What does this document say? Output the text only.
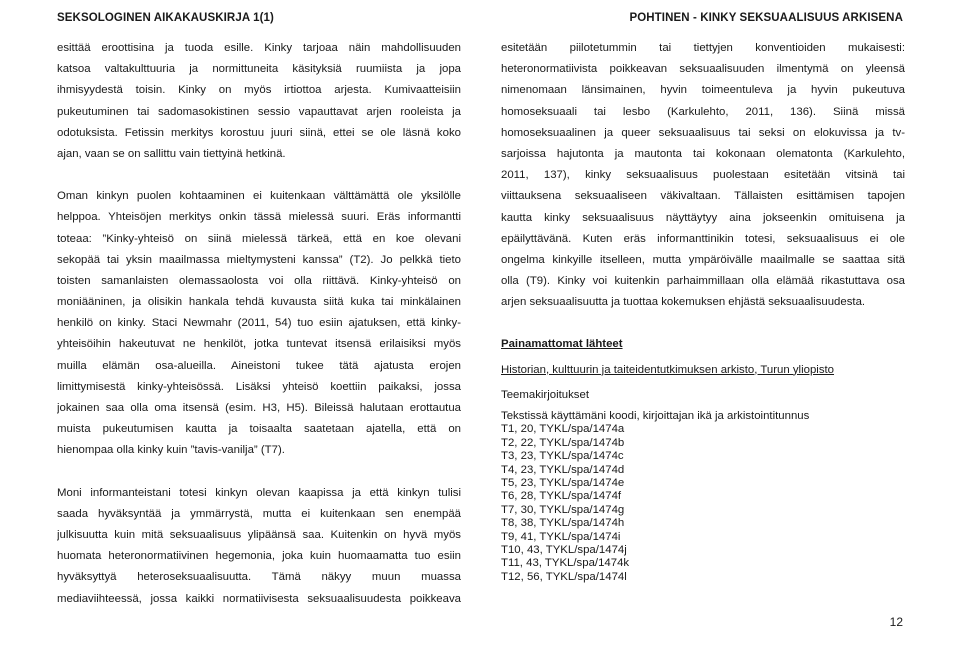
SEKSOLOGINEN AIKAKAUSKIRJA 1(1)	POHTINEN - KINKY SEKSUAALISUUS ARKISENA
esittää eroottisina ja tuoda esille. Kinky tarjoaa näin mahdollisuuden
katsoa valtakulttuuria ja normittuneita käsityksiä ruumiista ja jopa
ihmisyydestä toisin. Kinky on myös irtiottoa arjesta. Kumivaatteisiin
pukeutuminen tai sadomasokistinen sessio vapauttavat arjen rooleista ja
odotuksista. Fetissin merkitys korostuu juuri siinä, ettei se ole läsnä koko
ajan, vaan se on sallittu vain tiettyinä hetkinä.
Oman kinkyn puolen kohtaaminen ei kuitenkaan välttämättä ole yksilölle
helppoa. Yhteisöjen merkitys onkin tässä mielessä suuri. Eräs informantti
toteaa: ”Kinky-yhteisö on siinä mielessä tärkeä, että en koe olevani
sekopää tai yksin maailmassa mieltymysteni kanssa” (T2). Jo pelkkä tieto
toisten samanlaisten olemassaolosta voi olla riittävä. Kinky-yhteisö on
moniääninen, ja olisikin hankala tehdä kuvausta siitä kuka tai minkälainen
henkilö on kinky. Staci Newmahr (2011, 54) tuo esiin ajatuksen, että kinky-
yhteisöihin hakeutuvat ne henkilöt, jotka tuntevat itsensä erilaisiksi myös
muilla elämän osa-alueilla. Aineistoni tukee tätä ajatusta erojen
limittymisestä kinky-yhteisössä. Lisäksi yhteisö koettiin paikaksi, jossa
jokainen saa olla oma itsensä (esim. H3, H5). Bileissä halutaan erottautua
muista pukeutumisen kautta ja toisaalta saatetaan ajatella, että on
hienompaa olla kinky kuin ”tavis-vanilja” (T7).
Moni informanteistani totesi kinkyn olevan kaapissa ja että kinkyn tulisi
saada hyväksyntää ja ymmärrystä, mutta ei kuitenkaan sen enempää
julkisuutta kuin mitä seksuaalisuus ylipäänsä saa. Kuitenkin on hyvä myös
huomata heteronormatiivinen hegemonia, joka kuin huomaamatta tuo esiin
hyväksyttyä heteroseksuaalisuutta. Tämä näkyy muun muassa
mediaviihteessä, jossa kaikki normatiivisesta seksuaalisuudesta poikkeava
esitetään piilotetummin tai tiettyjen konventioiden mukaisesti:
heteronormatiivista poikkeavan seksuaalisuuden ilmentymä on yleensä
nimenomaan länsimainen, hyvin toimeentuleva ja hyvin pukeutuva
homoseksuaali tai lesbo (Karkulehto, 2011, 136). Siinä missä
homoseksuaalinen ja queer seksuaalisuus tai seksi on elokuvissa ja tv-
sarjoissa hajutonta ja mautonta tai kokonaan olematonta (Karkulehto,
2011, 137), kinky seksuaalisuus puolestaan esitetään vitsinä tai
viittauksena seksuaaliseen väkivaltaan. Tällaisten esittämisen tapojen
kautta kinky seksuaalisuus näyttäytyy aina jokseenkin omituisena ja
epäilyttävänä. Kuten eräs informanttinikin totesi, seksuaalisuus ei ole
ongelma kinkyille itselleen, mutta ympäröivälle maailmalle se saattaa sitä
olla (T9). Kinky voi kuitenkin parhaimmillaan olla elämää rikastuttava osa
arjen seksuaalisuutta ja tuottaa kokemuksen ehjästä seksuaalisuudesta.
Painamattomat lähteet
Historian, kulttuurin ja taiteidentutkimuksen arkisto, Turun yliopisto
Teemakirjoitukset
Tekstissä käyttämäni koodi, kirjoittajan ikä ja arkistointitunnus
T1, 20, TYKL/spa/1474a
T2, 22, TYKL/spa/1474b
T3, 23, TYKL/spa/1474c
T4, 23, TYKL/spa/1474d
T5, 23, TYKL/spa/1474e
T6, 28, TYKL/spa/1474f
T7, 30, TYKL/spa/1474g
T8, 38, TYKL/spa/1474h
T9, 41, TYKL/spa/1474i
T10, 43, TYKL/spa/1474j
T11, 43, TYKL/spa/1474k
T12, 56, TYKL/spa/1474l
12
